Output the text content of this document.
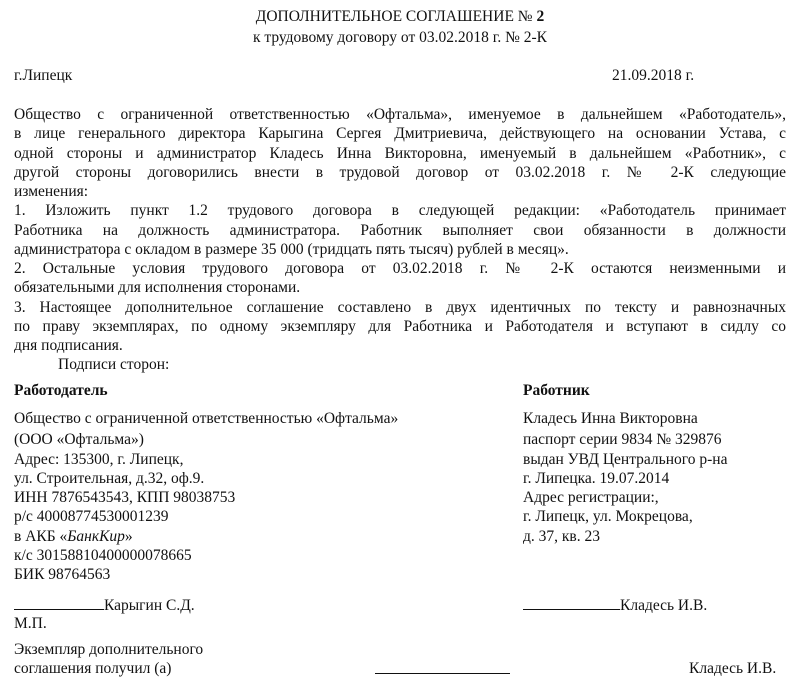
ДОПОЛНИТЕЛЬНОЕ СОГЛАШЕНИЕ № 2
к трудовому договору от 03.02.2018 г. № 2-К
г.Липецк	21.09.2018 г.
Общество с ограниченной ответственностью «Офтальма», именуемое в дальнейшем «Работодатель»,
в лице генерального директора Карыгина Сергея Дмитриевича, действующего на основании Устава, с
одной стороны и администратор Кладесь Инна Викторовна, именуемый в дальнейшем «Работник», с
другой стороны договорились внести в трудовой договор от 03.02.2018 г. № 2-К следующие
изменения:
1. Изложить пункт 1.2 трудового договора в следующей редакции: «Работодатель принимает
Работника на должность администратора. Работник выполняет свои обязанности в должности
администратора с окладом в размере 35 000 (тридцать пять тысяч) рублей в месяц».
2. Остальные условия трудового договора от 03.02.2018 г. № 2-К остаются неизменными и
обязательными для исполнения сторонами.
3. Настоящее дополнительное соглашение составлено в двух идентичных по тексту и равнозначных
по праву экземплярах, по одному экземпляру для Работника и Работодателя и вступают в сидлу со
дня подписания.
Подписи сторон:
Работодатель
Общество с ограниченной ответственностью «Офтальма»
(ООО «Офтальма»)
Адрес: 135300, г. Липецк,
ул. Строительная, д.32, оф.9.
ИНН 7876543543, КПП 98038753
р/с 40008774530001239
в АКБ «БанкКир»
к/с 30158810400000078665
БИК 98764563
Карыгин С.Д.
М.П.
Работник
Кладесь Инна Викторовна
паспорт серии 9834 № 329876
выдан УВД Центрального р-на
г. Липецка. 19.07.2014
Адрес регистрации:,
г. Липецк, ул. Мокрецова,
д. 37, кв. 23
Кладесь И.В.
Экземпляр дополнительного
соглашения получил (а)	Кладесь И.В.
